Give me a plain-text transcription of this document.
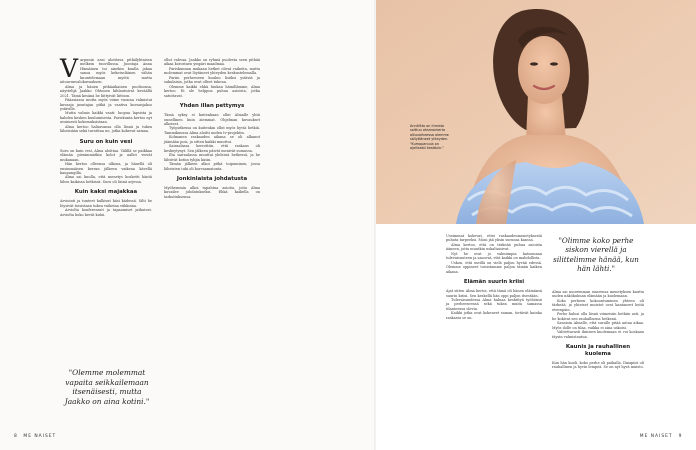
V arpunin ansi aloittava pitkälyhtaisen melkein tuuvillussa. Juontaja Anna Hämäinen toi ainekin kuulla jakaa sanoa myös kekeiseläinen vähän kuuntelemaan myötä mutta aitoavunvalokuvauksen.

Alma ja hänen pitkäaikainen puolisonsa, näyttelijä Jaakko Ohtonen kihlautuivat keväällä 2021. Tämä kesänä he liittyivät liittoon.

Pääasiassa mutta myös viime vuonna valmistui kuvaaja juontajan pitkä ja vaativa kuvausjakso ystäville.

Mutta valmis kaikki vaati: luopua lapsista ja kahden kesken kuulumisesta. Pariskunta kertoo nyt avoimesti kokemuksistaan.

Alma kertoo haluavansa olla läsnä ja tukea läheisiään sekä tavoittaa ne, jotka kokevat samaa.

Suru on kuin vesi

Suru on kuin vesi, Alma aloittaa. Välillä se paikkaa elämän pienimmätkin kolot ja aallot vievät mukanaan.

Hän kertoo olleensa ulkona, ja hänellä oli ensimmäisen kerran jälkeen vaikeaa kävellä kaupungilla.

Alma sai kuulla, että menetys kosketti häntä lähes kaikissa hetkissä. Suru oli läsnä arjessa.

Kuin kaksi majakkaa

Arviointi ja tunteet kulkivat käsi kädessä. Silti he löysivät toisistaan tukea vaikeina viikkoina.

Arviolta konferenssit ja tapaamiset jatkuivat. Arviolta koko kevät kului.

"Olemme molemmat vapaita seikkailemaan itsenäisesti, mutta Jaakko on aina kotini."

ollut vahvaa. Jaakko on ryhmä puolesta seen pitkää aikaa korostaen ympäri maailmaa.

Pariskunnan mukaan hetket olivat vaikeita, mutta molemmat ovat löytäneet yhteyden keskustelemalla.

Pariin perheeseen kuuluu lisäksi ystäviä ja sukulaisia, jotka ovat olleet tukena.

Olemme kaikki ehkä hiukan hämillämme, Alma kertoo. Ei ole helppoa puhua asioista, jotka satuttavat.

Yhden illan pettymys

Tämä syksy ei kuitenkaan ollut Almalle yhtä onnellinen kuin aiemmat. Ohjelman kuvaukset alkoivat.

Työputkessa on kuitenkin ollut myös hyviä hetkiä. Tammikuussa Alma aloitti uuden tv-projektin.

Kolmanen raskauden aikana se oli alkanut jäämään pois, ja sitten kaikki muuttui.

Sairaalassa kerrottiin, että raskaus oli keskeytynyt. Sen jälkeen päivät menivät sumussa.

Ilta sairaalassa muuttui yhdessä hetkessä, ja he lähtivät kotiin tyhjin käsin.

Tämän jälkeen alkoi pitkä toipuminen, jossa läheisten tuki oli korvaamatonta.

Jonkinlaista johdatusta

Myöhemmin alkoi tapahtua asioita, joita Alma kuvailee johdatukseksi. Ehkä kaikella on tarkoituksensa.

8 ME NAISET
Anniliitto on ihmista soittuu ohsmonkerta alkuvaiheessa olemme säilyttäneet yhteyden. "Kumppanuus on ajallisesti kestävin."

Useimmat kokevat, ettei raskaudenmenetyksestä puhuta tarpeeksi. Moni jää yksin surunsa kanssa.

Alma kertoo, että on tärkeää puhua asioista ääneen, jotta muutkin uskaltaisivat.

Nyt he ovat jo valmiimpia katsomaan tulevaisuuteen ja sanovat, että kaikki on mahdollista.

Uskon, että meillä on vielä paljon hyvää edessä. Olemme oppineet toisistamme paljon tämän kaiken aikana.

Elämän suurin kriisi

Ajat sitten Alma kertoi, että tämä oli hänen elämänsä suurin kriisi. Sen keskellä hän oppi paljon itsestään.

Tulevaisuudessa Alma haluaa keskittyä työhönsä ja perheeseensä sekä tukea muita samassa tilanteessa olevia.

Kaikki jotka ovat kokeneet saman, tietävät kuinka raskasta se on.

"Olimme koko perhe siskon vierellä ja silittelimme hänää, kun hän lähti."

Alma sai nuoremman sisarensa menetyksen kautta uuden näkökulman elämään ja kuolemaan.

Koko perheen kokoontuminen yhteen oli tärkeää, ja yhteiset muistot ovat kantaneet heitä eteenpäin.

Perhe halusi olla läsnä viimeisiin hetkiin asti, ja he kokivat sen rauhallisena hetkenä.

Sanoisin Almalle, että surulle pitää antaa aikaa. Myös ilolle on tilaa, vaikka ei aina uskoisi.

Valitettavasti ihmisen kuolemaan ei voi koskaan täysin valmistautua.

Kaunis ja rauhallinen kuolema

Kun hän kuoli, koko perhe oli paikalla. Ilmapiiri oli rauhallinen ja hyvin lempeä. Se on nyt hyvä muisto.

ME NAISET 9
